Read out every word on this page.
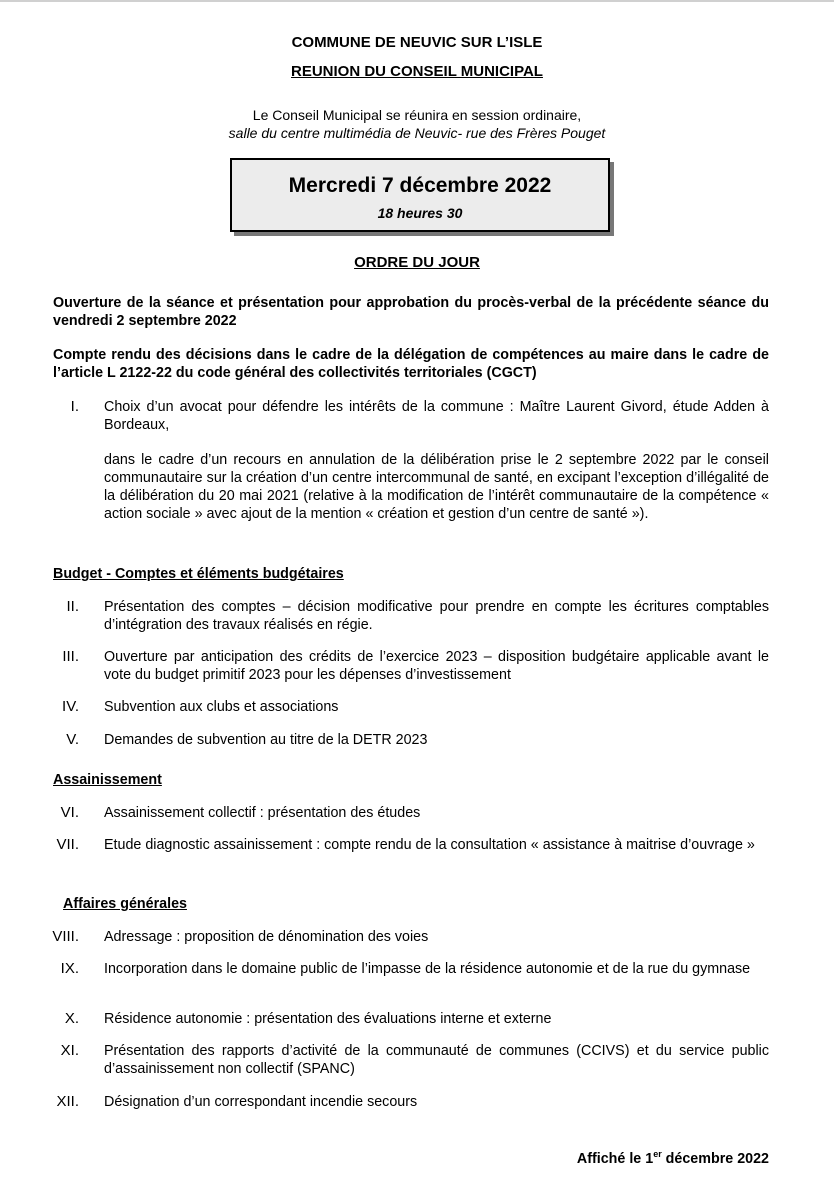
COMMUNE DE NEUVIC SUR L’ISLE
REUNION DU CONSEIL MUNICIPAL
Le Conseil Municipal se réunira en session ordinaire,
salle du centre multimédia de Neuvic- rue des Frères Pouget
Mercredi 7 décembre 2022
18 heures 30
ORDRE DU JOUR
Ouverture de la séance et présentation pour approbation du procès-verbal de la précédente séance du vendredi 2 septembre 2022
Compte rendu des décisions dans le cadre de la délégation de compétences au maire dans le cadre de l’article L 2122-22 du code général des collectivités territoriales (CGCT)
I. Choix d’un avocat pour défendre les intérêts de la commune : Maître Laurent Givord, étude Adden à Bordeaux,
dans le cadre d’un recours en annulation de la délibération prise le 2 septembre 2022 par le conseil communautaire sur la création d’un centre intercommunal de santé, en excipant l’exception d’illégalité de la délibération du 20 mai 2021 (relative à la modification de l’intérêt communautaire de la compétence « action sociale » avec ajout de la mention « création et gestion d’un centre de santé »).
Budget - Comptes et éléments budgétaires
II. Présentation des comptes – décision modificative pour prendre en compte les écritures comptables d’intégration des travaux réalisés en régie.
III. Ouverture par anticipation des crédits de l’exercice 2023 – disposition budgétaire applicable avant le vote du budget primitif 2023 pour les dépenses d’investissement
IV. Subvention aux clubs et associations
V. Demandes de subvention au titre de la DETR 2023
Assainissement
VI. Assainissement collectif : présentation des études
VII. Etude diagnostic assainissement : compte rendu de la consultation « assistance à maitrise d’ouvrage »
Affaires générales
VIII. Adressage : proposition de dénomination des voies
IX. Incorporation dans le domaine public de l’impasse de la résidence autonomie et de la rue du gymnase
X. Résidence autonomie : présentation des évaluations interne et externe
XI. Présentation des rapports d’activité de la communauté de communes (CCIVS) et du service public d’assainissement non collectif (SPANC)
XII. Désignation d’un correspondant incendie secours
Affiché le 1er décembre 2022
